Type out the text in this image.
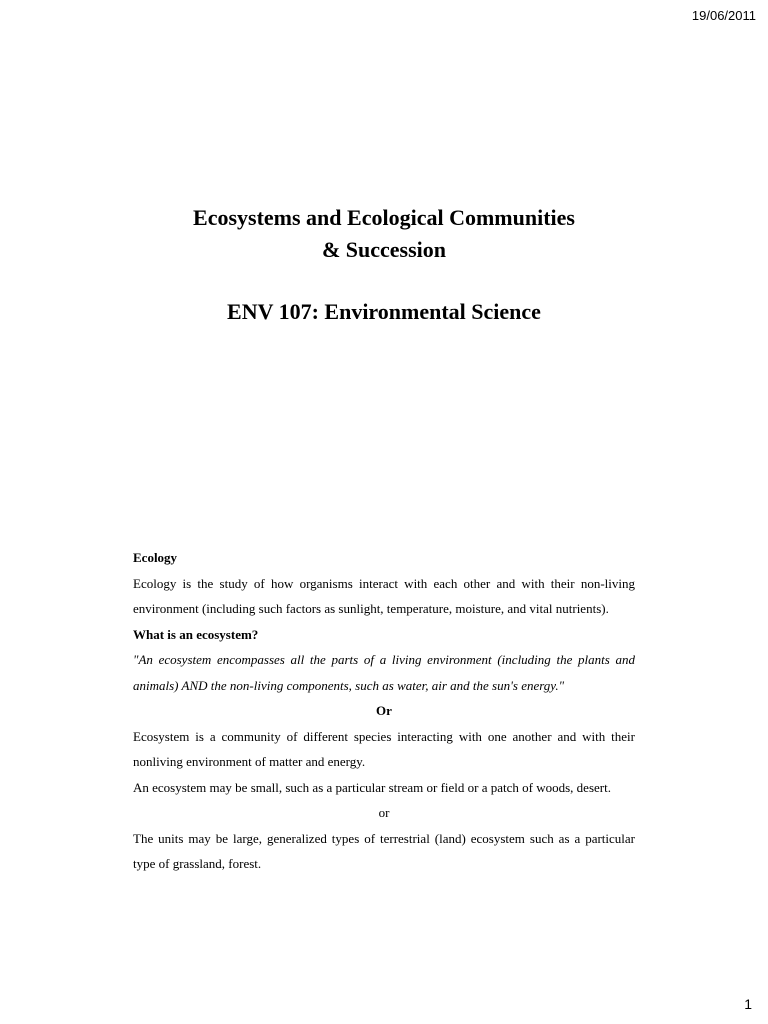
19/06/2011
Ecosystems and Ecological Communities
& Succession
ENV 107: Environmental Science

Ecology

Ecology is the study of how organisms interact with each other and with their non-living environment (including such factors as sunlight, temperature, moisture, and vital nutrients).

What is an ecosystem?

"An ecosystem encompasses all the parts of a living environment (including the plants and animals) AND the non-living components, such as water, air and the sun's energy."

Or

Ecosystem is a community of different species interacting with one another and with their nonliving environment of matter and energy.

An ecosystem may be small, such as a particular stream or field or a patch of woods, desert.

or

The units may be large, generalized types of terrestrial (land) ecosystem such as a particular type of grassland, forest.

1
